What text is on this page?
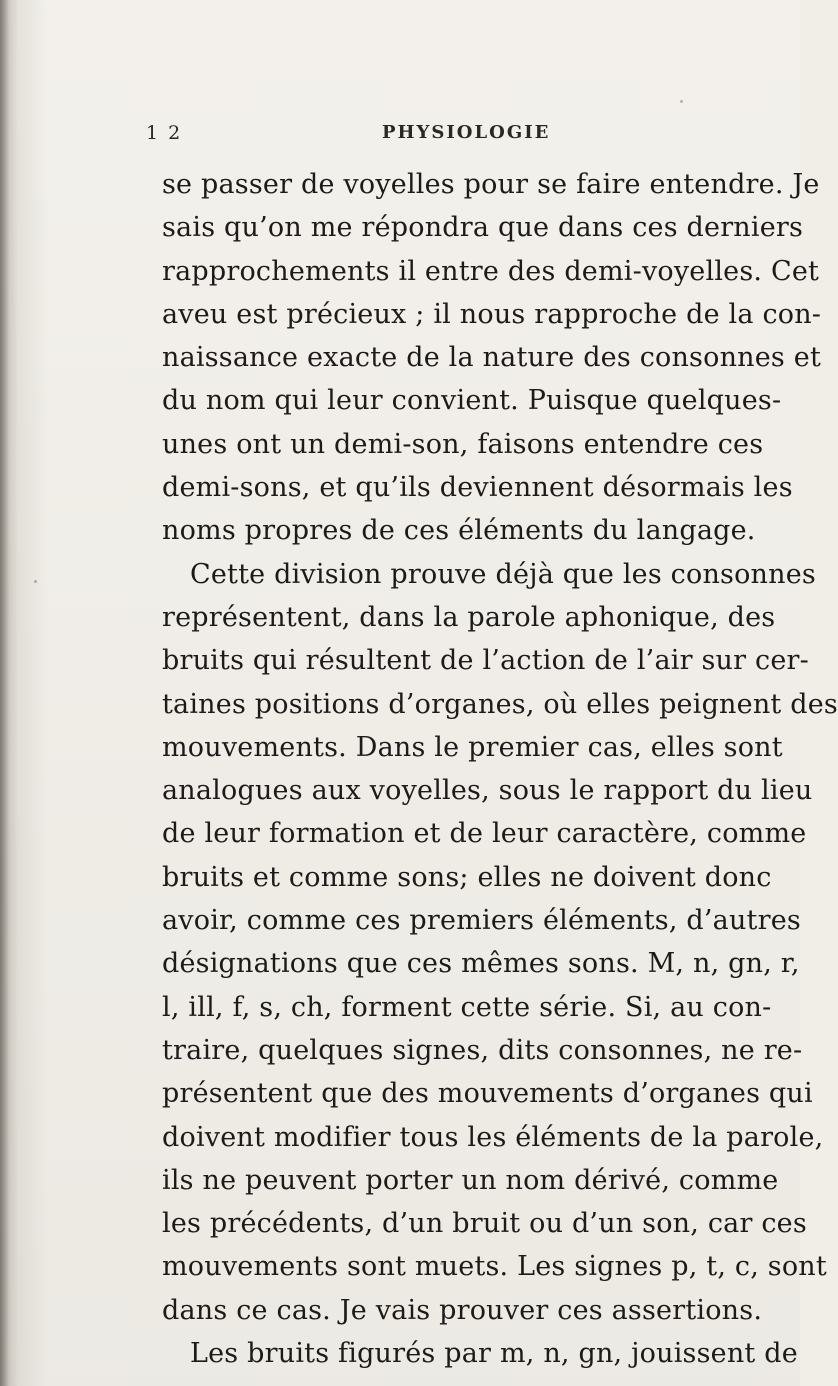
1 2	PHYSIOLOGIE
se passer de voyelles pour se faire entendre. Je
sais qu’on me répondra que dans ces derniers
rapprochements il entre des demi-voyelles. Cet
aveu est précieux ; il nous rapproche de la con-
naissance exacte de la nature des consonnes et
du nom qui leur convient. Puisque quelques-
unes ont un demi-son, faisons entendre ces
demi-sons, et qu’ils deviennent désormais les
noms propres de ces éléments du langage.
Cette division prouve déjà que les consonnes
représentent, dans la parole aphonique, des
bruits qui résultent de l’action de l’air sur cer-
taines positions d’organes, où elles peignent des
mouvements. Dans le premier cas, elles sont
analogues aux voyelles, sous le rapport du lieu
de leur formation et de leur caractère, comme
bruits et comme sons; elles ne doivent donc
avoir, comme ces premiers éléments, d’autres
désignations que ces mêmes sons. M, n, gn, r,
l, ill, f, s, ch, forment cette série. Si, au con-
traire, quelques signes, dits consonnes, ne re-
présentent que des mouvements d’organes qui
doivent modifier tous les éléments de la parole,
ils ne peuvent porter un nom dérivé, comme
les précédents, d’un bruit ou d’un son, car ces
mouvements sont muets. Les signes p, t, c, sont
dans ce cas. Je vais prouver ces assertions.
Les bruits figurés par m, n, gn, jouissent de
